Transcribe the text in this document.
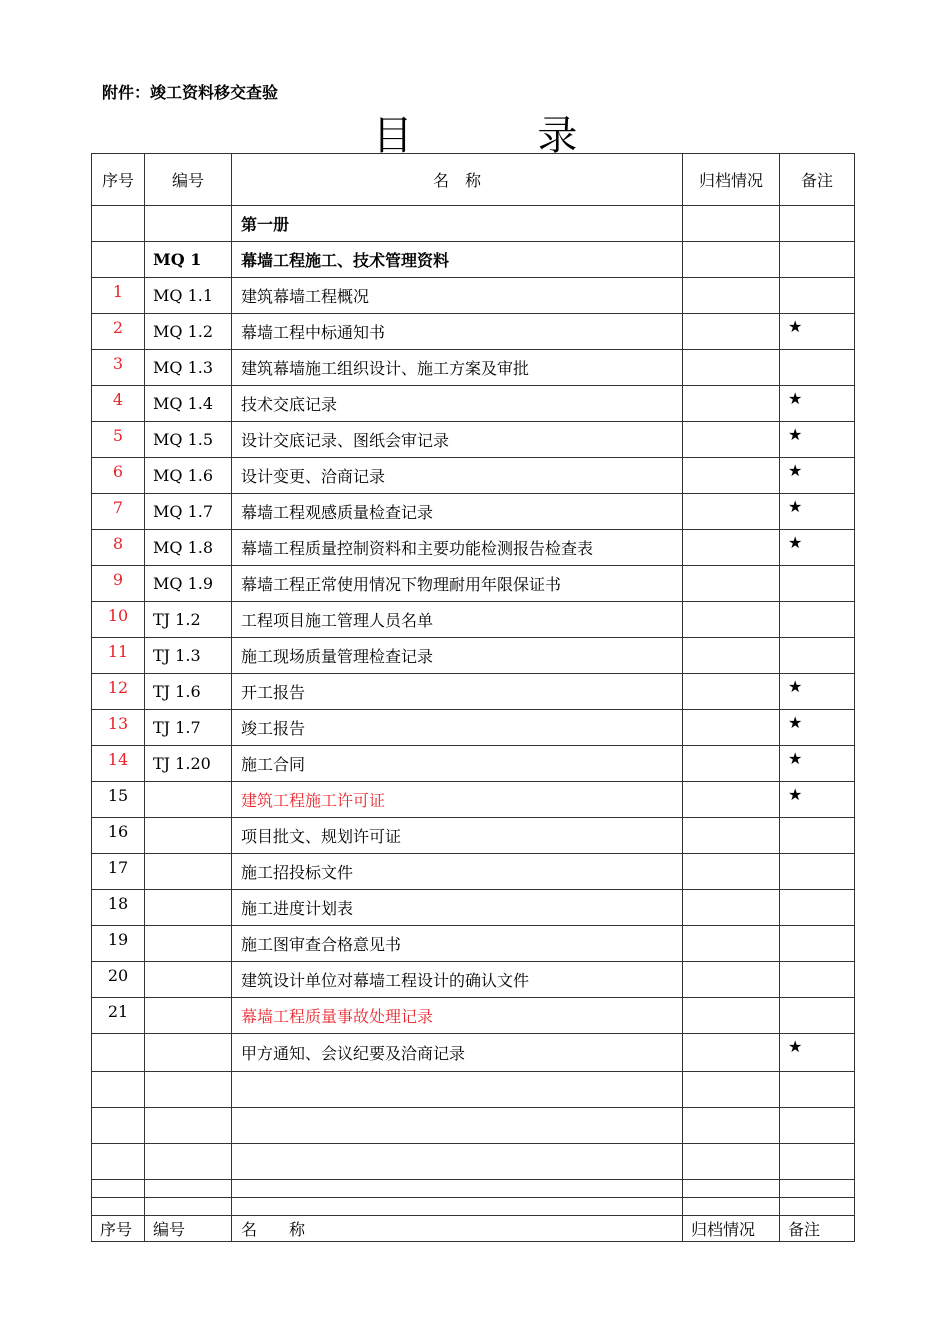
附件：竣工资料移交查验
目 录
序号	编号	名　称	归档情况	备注
		第一册		
	MQ 1	幕墙工程施工、技术管理资料		
1	MQ 1.1	建筑幕墙工程概况		
2	MQ 1.2	幕墙工程中标通知书		★
3	MQ 1.3	建筑幕墙施工组织设计、施工方案及审批		
4	MQ 1.4	技术交底记录		★
5	MQ 1.5	设计交底记录、图纸会审记录		★
6	MQ 1.6	设计变更、洽商记录		★
7	MQ 1.7	幕墙工程观感质量检查记录		★
8	MQ 1.8	幕墙工程质量控制资料和主要功能检测报告检查表		★
9	MQ 1.9	幕墙工程正常使用情况下物理耐用年限保证书		
10	TJ 1.2	工程项目施工管理人员名单		
11	TJ 1.3	施工现场质量管理检查记录		
12	TJ 1.6	开工报告		★
13	TJ 1.7	竣工报告		★
14	TJ 1.20	施工合同		★
15		建筑工程施工许可证		★
16		项目批文、规划许可证		
17		施工招投标文件		
18		施工进度计划表		
19		施工图审查合格意见书		
20		建筑设计单位对幕墙工程设计的确认文件		
21		幕墙工程质量事故处理记录		
		甲方通知、会议纪要及洽商记录		★

序号	编号	名　　称	归档情况	备注
